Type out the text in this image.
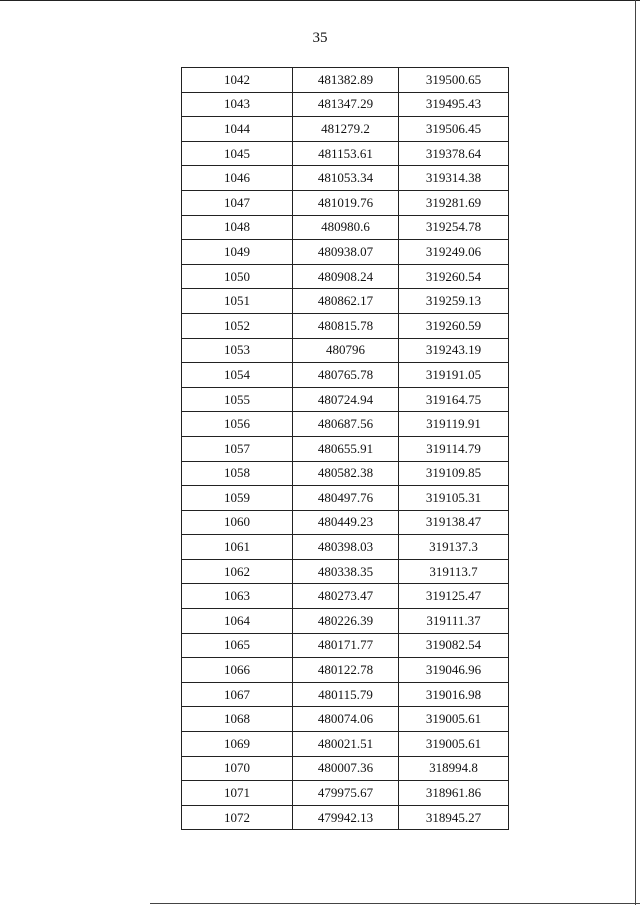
35
1042	481382.89	319500.65
1043	481347.29	319495.43
1044	481279.2	319506.45
1045	481153.61	319378.64
1046	481053.34	319314.38
1047	481019.76	319281.69
1048	480980.6	319254.78
1049	480938.07	319249.06
1050	480908.24	319260.54
1051	480862.17	319259.13
1052	480815.78	319260.59
1053	480796	319243.19
1054	480765.78	319191.05
1055	480724.94	319164.75
1056	480687.56	319119.91
1057	480655.91	319114.79
1058	480582.38	319109.85
1059	480497.76	319105.31
1060	480449.23	319138.47
1061	480398.03	319137.3
1062	480338.35	319113.7
1063	480273.47	319125.47
1064	480226.39	319111.37
1065	480171.77	319082.54
1066	480122.78	319046.96
1067	480115.79	319016.98
1068	480074.06	319005.61
1069	480021.51	319005.61
1070	480007.36	318994.8
1071	479975.67	318961.86
1072	479942.13	318945.27
